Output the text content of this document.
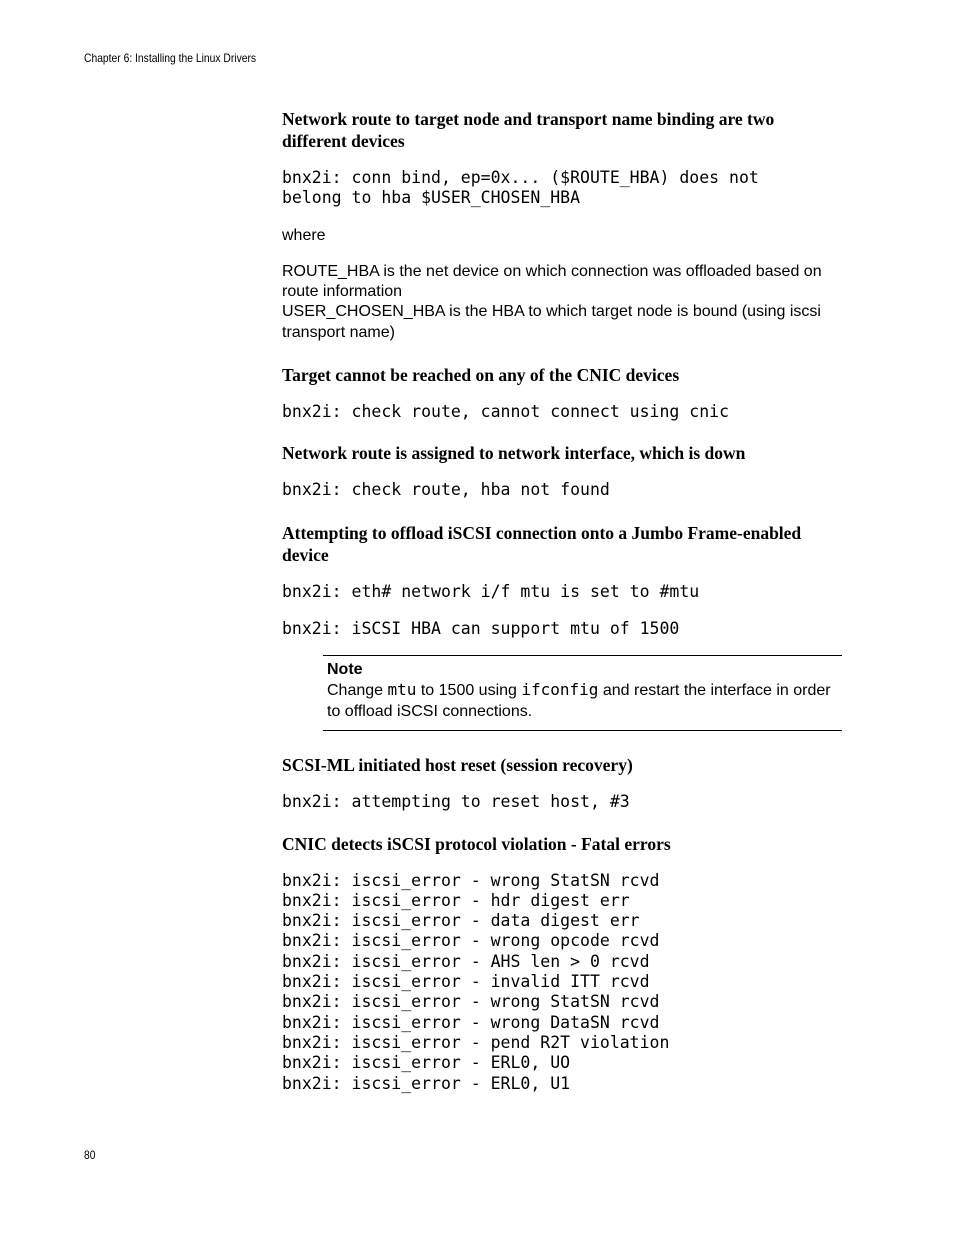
Chapter 6: Installing the Linux Drivers
Network route to target node and transport name binding are two different devices
bnx2i: conn bind, ep=0x... ($ROUTE_HBA) does not
belong to hba $USER_CHOSEN_HBA

where

ROUTE_HBA is the net device on which connection was offloaded based on route information

USER_CHOSEN_HBA is the HBA to which target node is bound (using iscsi transport name)

Target cannot be reached on any of the CNIC devices
bnx2i: check route, cannot connect using cnic
Network route is assigned to network interface, which is down
bnx2i: check route, hba not found
Attempting to offload iSCSI connection onto a Jumbo Frame-enabled device
bnx2i: eth# network i/f mtu is set to #mtu
bnx2i: iSCSI HBA can support mtu of 1500
Note
Change mtu to 1500 using ifconfig and restart the interface in order to offload iSCSI connections.
SCSI-ML initiated host reset (session recovery)
bnx2i: attempting to reset host, #3
CNIC detects iSCSI protocol violation - Fatal errors
bnx2i: iscsi_error - wrong StatSN rcvd
bnx2i: iscsi_error - hdr digest err
bnx2i: iscsi_error - data digest err
bnx2i: iscsi_error - wrong opcode rcvd
bnx2i: iscsi_error - AHS len > 0 rcvd
bnx2i: iscsi_error - invalid ITT rcvd
bnx2i: iscsi_error - wrong StatSN rcvd
bnx2i: iscsi_error - wrong DataSN rcvd
bnx2i: iscsi_error - pend R2T violation
bnx2i: iscsi_error - ERL0, UO
bnx2i: iscsi_error - ERL0, U1
80
